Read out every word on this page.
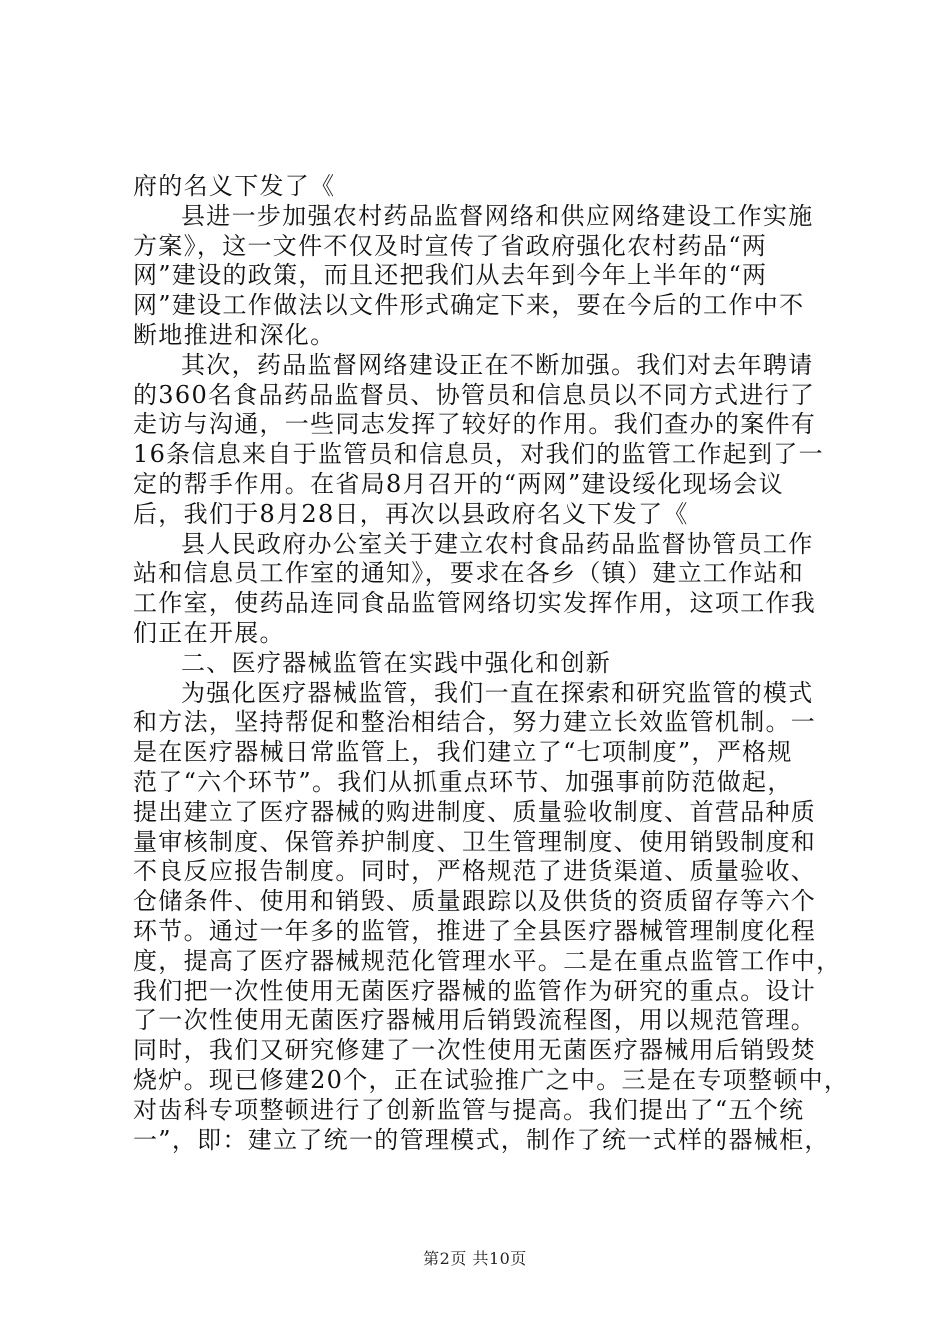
府的名义下发了《
县进一步加强农村药品监督网络和供应网络建设工作实施
方案》，这一文件不仅及时宣传了省政府强化农村药品“两
网”建设的政策，而且还把我们从去年到今年上半年的“两
网”建设工作做法以文件形式确定下来，要在今后的工作中不
断地推进和深化。
其次，药品监督网络建设正在不断加强。我们对去年聘请
的360名食品药品监督员、协管员和信息员以不同方式进行了
走访与沟通，一些同志发挥了较好的作用。我们查办的案件有
16条信息来自于监管员和信息员，对我们的监管工作起到了一
定的帮手作用。在省局8月召开的“两网”建设绥化现场会议
后，我们于8月28日，再次以县政府名义下发了《
县人民政府办公室关于建立农村食品药品监督协管员工作
站和信息员工作室的通知》，要求在各乡（镇）建立工作站和
工作室，使药品连同食品监管网络切实发挥作用，这项工作我
们正在开展。
二、医疗器械监管在实践中强化和创新
为强化医疗器械监管，我们一直在探索和研究监管的模式
和方法，坚持帮促和整治相结合，努力建立长效监管机制。一
是在医疗器械日常监管上，我们建立了“七项制度”，严格规
范了“六个环节”。我们从抓重点环节、加强事前防范做起，
提出建立了医疗器械的购进制度、质量验收制度、首营品种质
量审核制度、保管养护制度、卫生管理制度、使用销毁制度和
不良反应报告制度。同时，严格规范了进货渠道、质量验收、
仓储条件、使用和销毁、质量跟踪以及供货的资质留存等六个
环节。通过一年多的监管，推进了全县医疗器械管理制度化程
度，提高了医疗器械规范化管理水平。二是在重点监管工作中，
我们把一次性使用无菌医疗器械的监管作为研究的重点。设计
了一次性使用无菌医疗器械用后销毁流程图，用以规范管理。
同时，我们又研究修建了一次性使用无菌医疗器械用后销毁焚
烧炉。现已修建20个，正在试验推广之中。三是在专项整顿中，
对齿科专项整顿进行了创新监管与提高。我们提出了“五个统
一”，即：建立了统一的管理模式，制作了统一式样的器械柜，
第2页 共10页
